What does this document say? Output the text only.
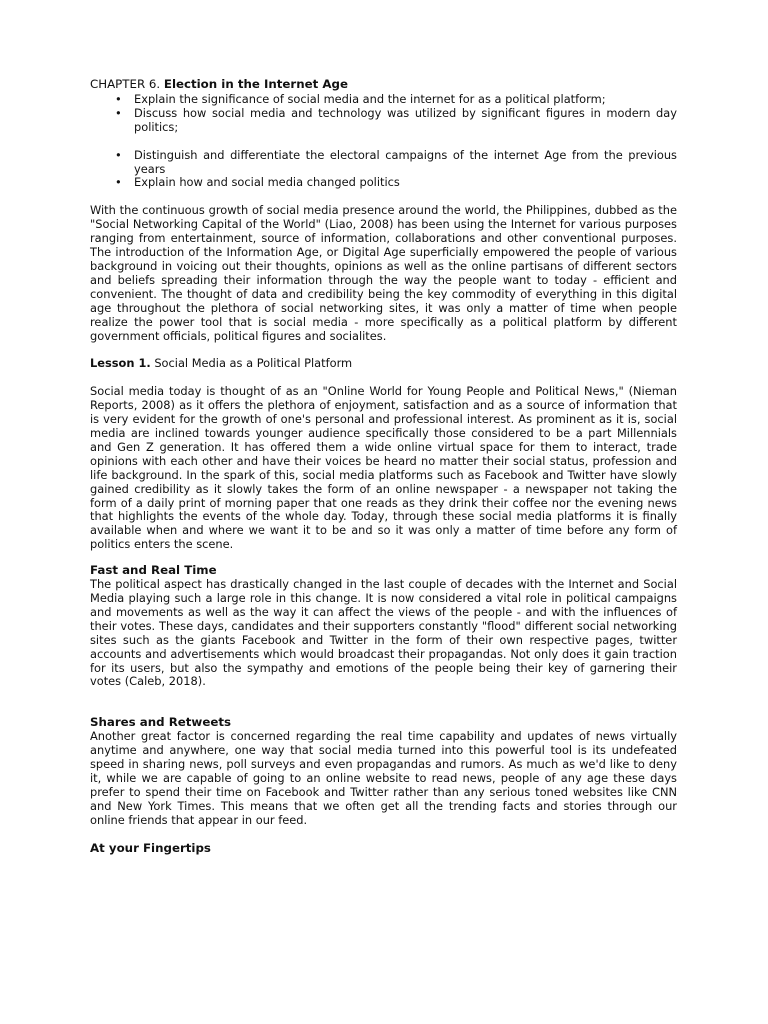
CHAPTER 6. Election in the Internet Age
• Explain the significance of social media and the internet for as a political platform;
• Discuss how social media and technology was utilized by significant figures in modern day politics;
• Distinguish and differentiate the electoral campaigns of the internet Age from the previous years
• Explain how and social media changed politics

With the continuous growth of social media presence around the world, the Philippines, dubbed as the "Social Networking Capital of the World" (Liao, 2008) has been using the Internet for various purposes ranging from entertainment, source of information, collaborations and other conventional purposes. The introduction of the Information Age, or Digital Age superficially empowered the people of various background in voicing out their thoughts, opinions as well as the online partisans of different sectors and beliefs spreading their information through the way the people want to today - efficient and convenient. The thought of data and credibility being the key commodity of everything in this digital age throughout the plethora of social networking sites, it was only a matter of time when people realize the power tool that is social media - more specifically as a political platform by different government officials, political figures and socialites.

Lesson 1. Social Media as a Political Platform

Social media today is thought of as an "Online World for Young People and Political News," (Nieman Reports, 2008) as it offers the plethora of enjoyment, satisfaction and as a source of information that is very evident for the growth of one's personal and professional interest. As prominent as it is, social media are inclined towards younger audience specifically those considered to be a part Millennials and Gen Z generation. It has offered them a wide online virtual space for them to interact, trade opinions with each other and have their voices be heard no matter their social status, profession and life background. In the spark of this, social media platforms such as Facebook and Twitter have slowly gained credibility as it slowly takes the form of an online newspaper - a newspaper not taking the form of a daily print of morning paper that one reads as they drink their coffee nor the evening news that highlights the events of the whole day. Today, through these social media platforms it is finally available when and where we want it to be and so it was only a matter of time before any form of politics enters the scene.

Fast and Real Time

The political aspect has drastically changed in the last couple of decades with the Internet and Social Media playing such a large role in this change. It is now considered a vital role in political campaigns and movements as well as the way it can affect the views of the people - and with the influences of their votes. These days, candidates and their supporters constantly "flood" different social networking sites such as the giants Facebook and Twitter in the form of their own respective pages, twitter accounts and advertisements which would broadcast their propagandas. Not only does it gain traction for its users, but also the sympathy and emotions of the people being their key of garnering their votes (Caleb, 2018).

Shares and Retweets

Another great factor is concerned regarding the real time capability and updates of news virtually anytime and anywhere, one way that social media turned into this powerful tool is its undefeated speed in sharing news, poll surveys and even propagandas and rumors. As much as we'd like to deny it, while we are capable of going to an online website to read news, people of any age these days prefer to spend their time on Facebook and Twitter rather than any serious toned websites like CNN and New York Times. This means that we often get all the trending facts and stories through our online friends that appear in our feed.

At your Fingertips
